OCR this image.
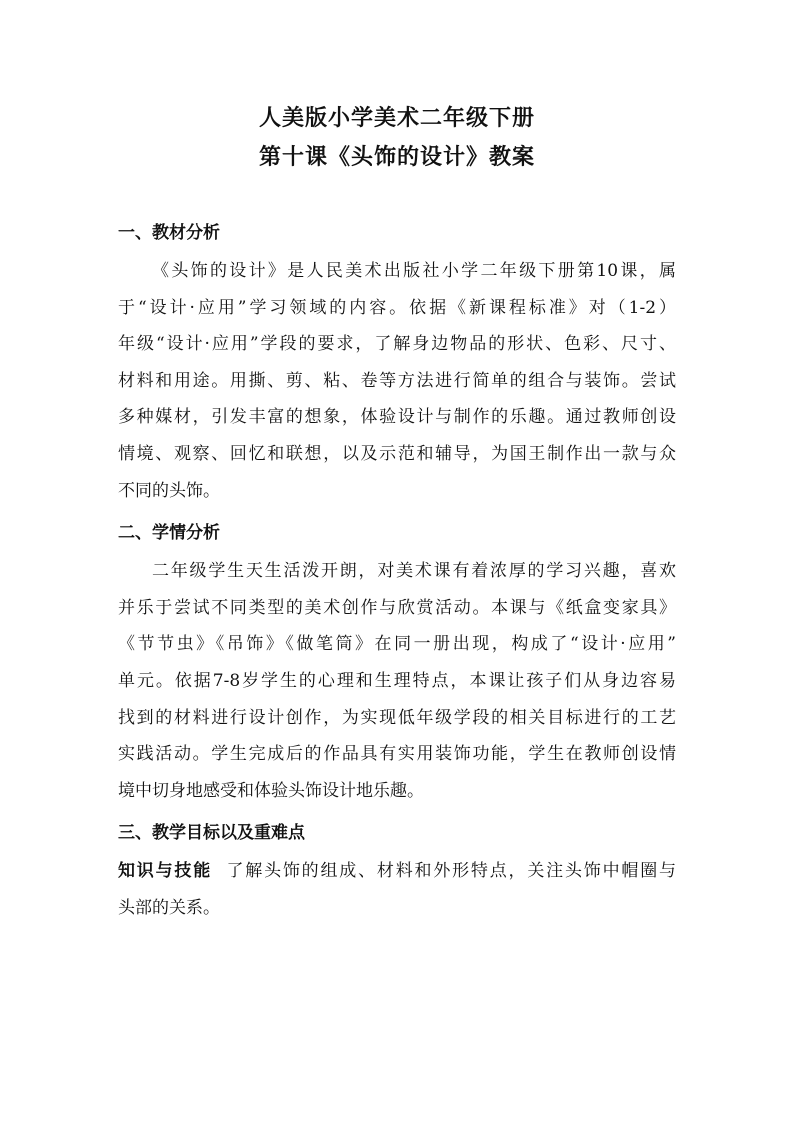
人美版小学美术二年级下册
第十课《头饰的设计》教案
一、教材分析
《头饰的设计》是人民美术出版社小学二年级下册第10课，属
于“设计·应用”学习领域的内容。依据《新课程标准》对（1-2）
年级“设计·应用”学段的要求，了解身边物品的形状、色彩、尺寸、
材料和用途。用撕、剪、粘、卷等方法进行简单的组合与装饰。尝试
多种媒材，引发丰富的想象，体验设计与制作的乐趣。通过教师创设
情境、观察、回忆和联想，以及示范和辅导，为国王制作出一款与众
不同的头饰。
二、学情分析
二年级学生天生活泼开朗，对美术课有着浓厚的学习兴趣，喜欢
并乐于尝试不同类型的美术创作与欣赏活动。本课与《纸盒变家具》
《节节虫》《吊饰》《做笔筒》在同一册出现，构成了“设计·应用”
单元。依据7-8岁学生的心理和生理特点，本课让孩子们从身边容易
找到的材料进行设计创作，为实现低年级学段的相关目标进行的工艺
实践活动。学生完成后的作品具有实用装饰功能，学生在教师创设情
境中切身地感受和体验头饰设计地乐趣。
三、教学目标以及重难点
知识与技能 了解头饰的组成、材料和外形特点，关注头饰中帽圈与
头部的关系。
